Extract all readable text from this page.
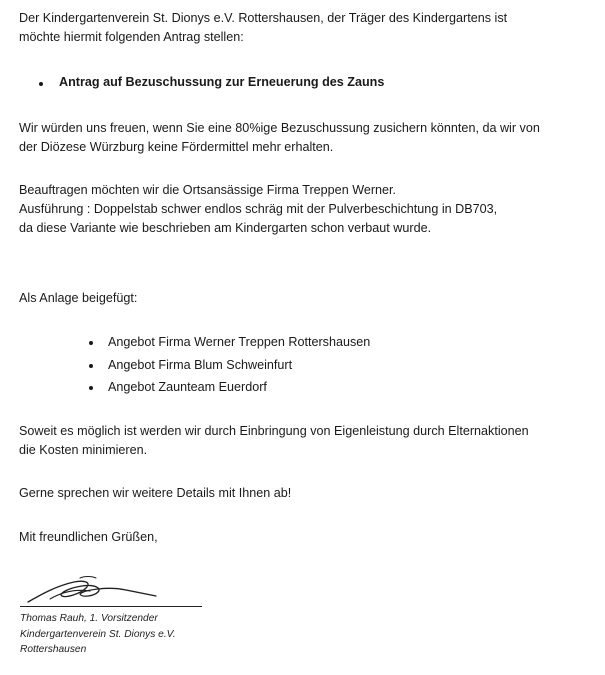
Der Kindergartenverein St. Dionys e.V. Rottershausen, der Träger des Kindergartens ist
möchte hiermit folgenden Antrag stellen:
Antrag auf Bezuschussung zur Erneuerung des Zauns
Wir würden uns freuen, wenn Sie eine 80%ige Bezuschussung zusichern könnten, da wir von
der Diözese Würzburg keine Fördermittel mehr erhalten.
Beauftragen möchten wir die Ortsansässige Firma Treppen Werner.
Ausführung : Doppelstab schwer endlos schräg mit der Pulverbeschichtung in DB703,
da diese Variante wie beschrieben am Kindergarten schon verbaut wurde.
Als Anlage beigefügt:
Angebot Firma Werner Treppen Rottershausen
Angebot Firma Blum Schweinfurt
Angebot Zaunteam Euerdorf
Soweit es möglich ist werden wir durch Einbringung von Eigenleistung durch Elternaktionen
die Kosten minimieren.
Gerne sprechen wir weitere Details mit Ihnen ab!
Mit freundlichen Grüßen,
Thomas Rauh, 1. Vorsitzender
Kindergartenverein St. Dionys e.V.
Rottershausen
